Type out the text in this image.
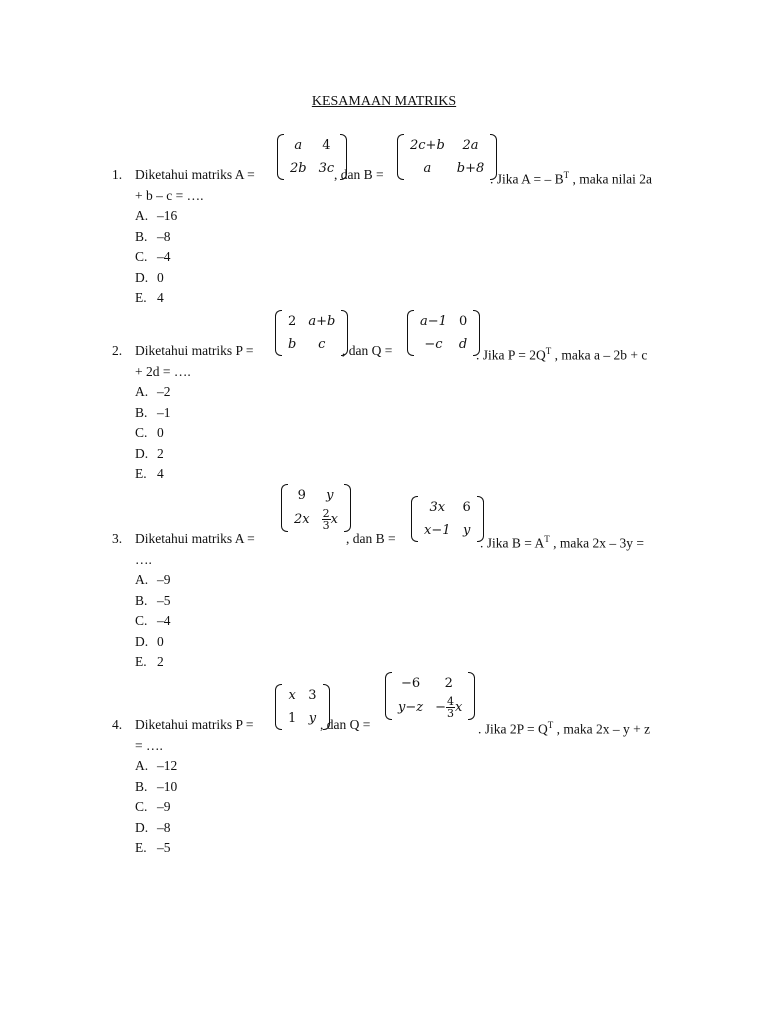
KESAMAAN MATRIKS
a	4
2b	3c
2c+b	2a
a	b+8
1. Diketahui matriks A =	, dan B =	. Jika A = – $B^T$ , maka nilai 2a
+ b – c = ….
A. –16
B. –8
C. –4
D. 0
E. 4
2	a+b
b	c
a−1	0
−c	d
2. Diketahui matriks P =	, dan Q =	. Jika $P = 2Q^T$ , maka a – 2b + c
+ 2d = ….
A. –2
B. –1
C. 0
D. 2
E. 4
9	y
2x	$\frac{2}{3}$ x
3x	6
x−1	y
3. Diketahui matriks A =	, dan B =	. Jika $B = A^T$ , maka 2x – 3y =
….
A. –9
B. –5
C. –4
D. 0
E. 2
x	3
1	y
−6	2
y−z	− $\frac{4}{3}$ x
4. Diketahui matriks P =	, dan Q =	. Jika $2P = Q^T$ , maka 2x – y + z
= ….
A. –12
B. –10
C. –9
D. –8
E. –5
